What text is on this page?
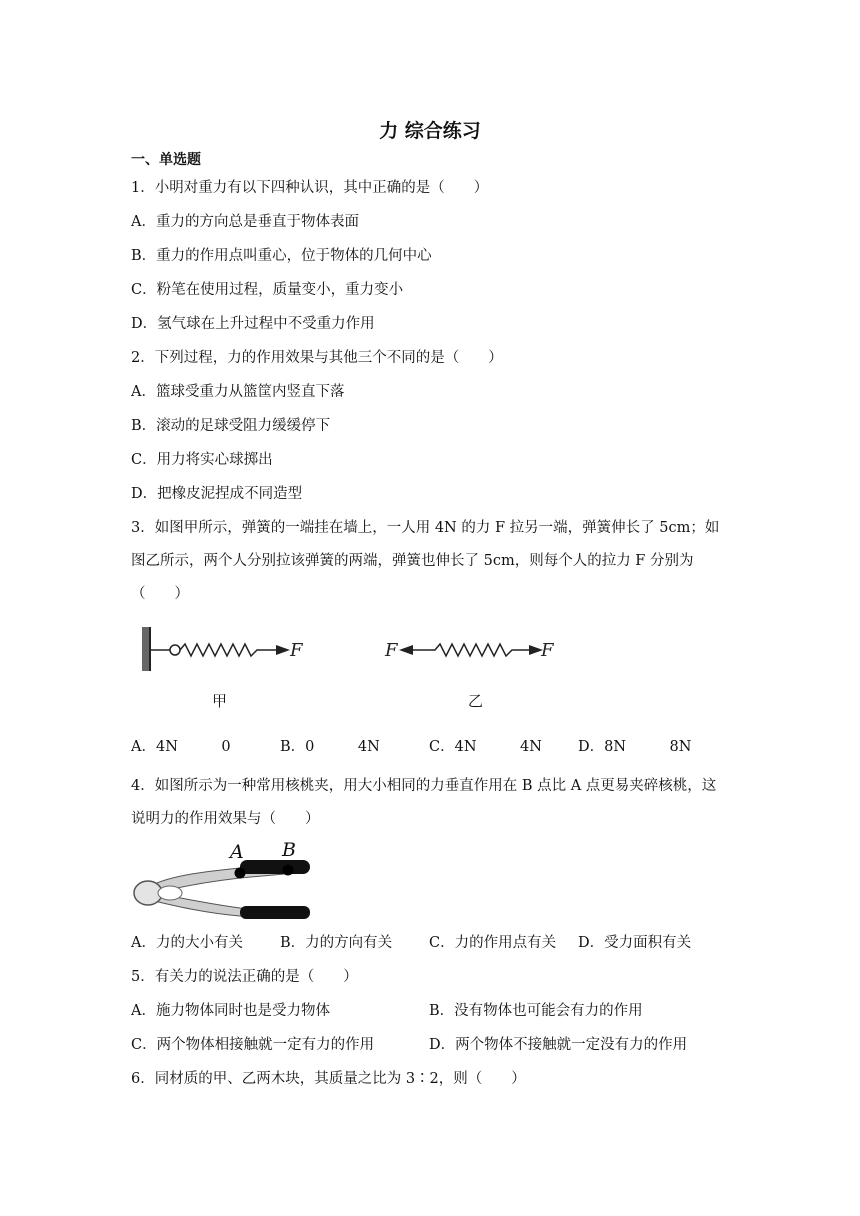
力 综合练习
一、单选题
1．小明对重力有以下四种认识，其中正确的是（　　）
A．重力的方向总是垂直于物体表面
B．重力的作用点叫重心，位于物体的几何中心
C．粉笔在使用过程，质量变小，重力变小
D．氢气球在上升过程中不受重力作用
2．下列过程，力的作用效果与其他三个不同的是（　　）
A．篮球受重力从篮筐内竖直下落
B．滚动的足球受阻力缓缓停下
C．用力将实心球掷出
D．把橡皮泥捏成不同造型
3．如图甲所示，弹簧的一端挂在墙上，一人用 4N 的力 F 拉另一端，弹簧伸长了 5cm；如
图乙所示，两个人分别拉该弹簧的两端，弹簧也伸长了 5cm，则每个人的拉力 F 分别为
（　　）
F
甲
F	F
乙
A．4N　　　0	B．0　　　4N	C．4N　　　4N D．8N　　　8N
4．如图所示为一种常用核桃夹，用大小相同的力垂直作用在 B 点比 A 点更易夹碎核桃，这
说明力的作用效果与（　　）
A B
A．力的大小有关	B．力的方向有关	C．力的作用点有关 D．受力面积有关
5．有关力的说法正确的是（　　）
A．施力物体同时也是受力物体	B．没有物体也可能会有力的作用
C．两个物体相接触就一定有力的作用	D．两个物体不接触就一定没有力的作用
6．同材质的甲、乙两木块，其质量之比为 3∶2，则（　　）
